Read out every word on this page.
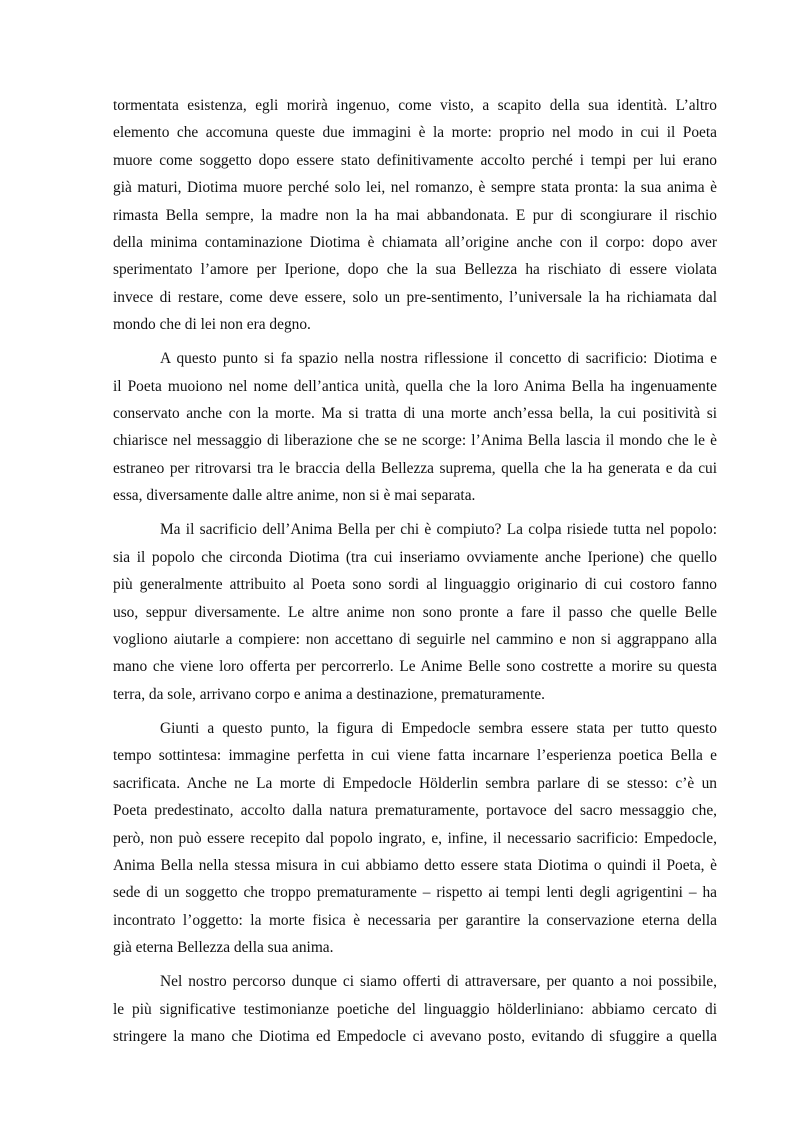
tormentata esistenza, egli morirà ingenuo, come visto, a scapito della sua identità. L’altro
elemento che accomuna queste due immagini è la morte: proprio nel modo in cui il Poeta
muore come soggetto dopo essere stato definitivamente accolto perché i tempi per lui erano
già maturi, Diotima muore perché solo lei, nel romanzo, è sempre stata pronta: la sua anima è
rimasta Bella sempre, la madre non la ha mai abbandonata. E pur di scongiurare il rischio
della minima contaminazione Diotima è chiamata all’origine anche con il corpo: dopo aver
sperimentato l’amore per Iperione, dopo che la sua Bellezza ha rischiato di essere violata
invece di restare, come deve essere, solo un pre-sentimento, l’universale la ha richiamata dal
mondo che di lei non era degno.
A questo punto si fa spazio nella nostra riflessione il concetto di sacrificio: Diotima e
il Poeta muoiono nel nome dell’antica unità, quella che la loro Anima Bella ha ingenuamente
conservato anche con la morte. Ma si tratta di una morte anch’essa bella, la cui positività si
chiarisce nel messaggio di liberazione che se ne scorge: l’Anima Bella lascia il mondo che le è
estraneo per ritrovarsi tra le braccia della Bellezza suprema, quella che la ha generata e da cui
essa, diversamente dalle altre anime, non si è mai separata.
Ma il sacrificio dell’Anima Bella per chi è compiuto? La colpa risiede tutta nel popolo:
sia il popolo che circonda Diotima (tra cui inseriamo ovviamente anche Iperione) che quello
più generalmente attribuito al Poeta sono sordi al linguaggio originario di cui costoro fanno
uso, seppur diversamente. Le altre anime non sono pronte a fare il passo che quelle Belle
vogliono aiutarle a compiere: non accettano di seguirle nel cammino e non si aggrappano alla
mano che viene loro offerta per percorrerlo. Le Anime Belle sono costrette a morire su questa
terra, da sole, arrivano corpo e anima a destinazione, prematuramente.
Giunti a questo punto, la figura di Empedocle sembra essere stata per tutto questo
tempo sottintesa: immagine perfetta in cui viene fatta incarnare l’esperienza poetica Bella e
sacrificata. Anche ne La morte di Empedocle Hölderlin sembra parlare di se stesso: c’è un
Poeta predestinato, accolto dalla natura prematuramente, portavoce del sacro messaggio che,
però, non può essere recepito dal popolo ingrato, e, infine, il necessario sacrificio: Empedocle,
Anima Bella nella stessa misura in cui abbiamo detto essere stata Diotima o quindi il Poeta, è
sede di un soggetto che troppo prematuramente – rispetto ai tempi lenti degli agrigentini – ha
incontrato l’oggetto: la morte fisica è necessaria per garantire la conservazione eterna della
già eterna Bellezza della sua anima.
Nel nostro percorso dunque ci siamo offerti di attraversare, per quanto a noi possibile,
le più significative testimonianze poetiche del linguaggio hölderliniano: abbiamo cercato di
stringere la mano che Diotima ed Empedocle ci avevano posto, evitando di sfuggire a quella
